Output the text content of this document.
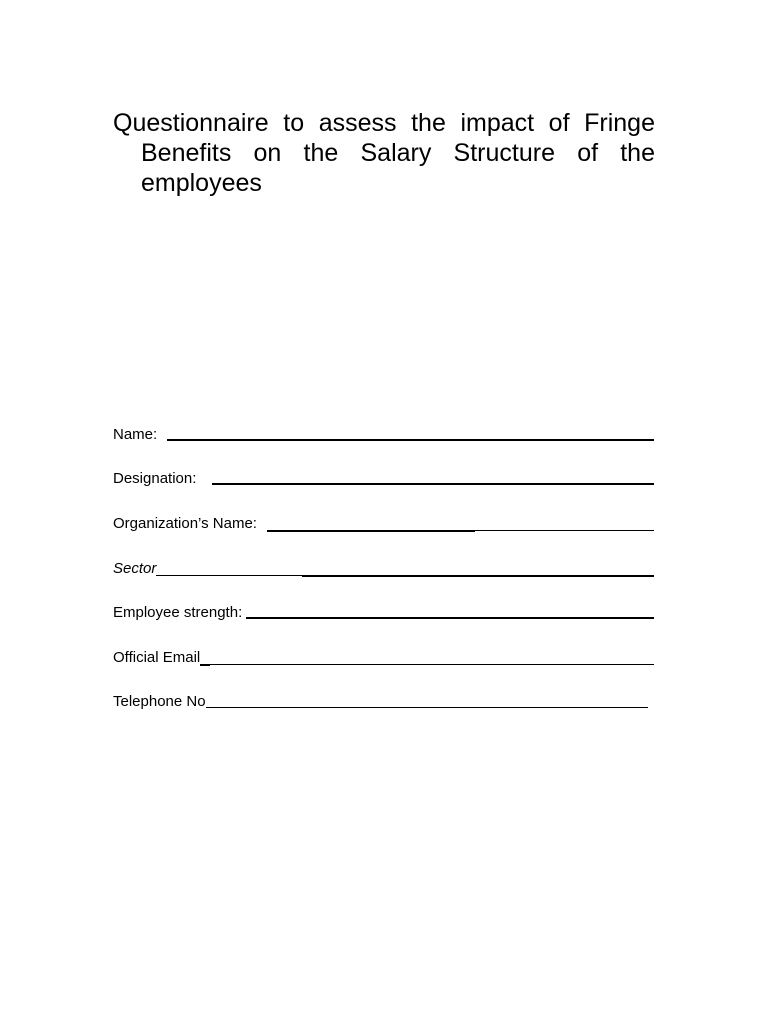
Questionnaire to assess the impact of Fringe Benefits on the Salary Structure of the employees
Name:
Designation:
Organization’s Name:
Sector
Employee strength:
Official Email
Telephone No
